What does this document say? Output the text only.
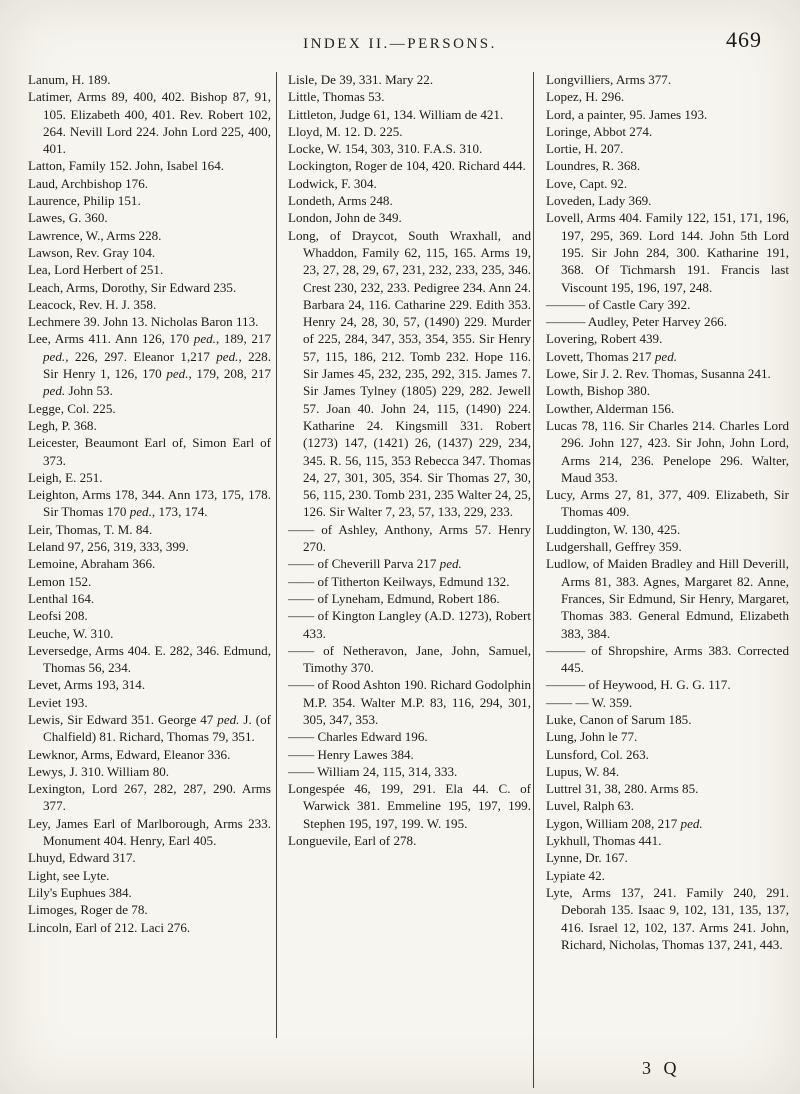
INDEX II.—PERSONS.	469
Lanum, H. 189.
Latimer, Arms 89, 400, 402. Bishop 87, 91, 105. Elizabeth 400, 401. Rev. Robert 102, 264. Nevill Lord 224. John Lord 225, 400, 401.
Latton, Family 152. John, Isabel 164.
Laud, Archbishop 176.
Laurence, Philip 151.
Lawes, G. 360.
Lawrence, W., Arms 228.
Lawson, Rev. Gray 104.
Lea, Lord Herbert of 251.
Leach, Arms, Dorothy, Sir Edward 235.
Leacock, Rev. H. J. 358.
Lechmere 39. John 13. Nicholas Baron 113.
Lee, Arms 411. Ann 126, 170 ped., 189, 217 ped., 226, 297. Eleanor 1,217 ped., 228. Sir Henry 1, 126, 170 ped., 179, 208, 217 ped. John 53.
Legge, Col. 225.
Legh, P. 368.
Leicester, Beaumont Earl of, Simon Earl of 373.
Leigh, E. 251.
Leighton, Arms 178, 344. Ann 173, 175, 178. Sir Thomas 170 ped., 173, 174.
Leir, Thomas, T. M. 84.
Leland 97, 256, 319, 333, 399.
Lemoine, Abraham 366.
Lemon 152.
Lenthal 164.
Leofsi 208.
Leuche, W. 310.
Leversedge, Arms 404. E. 282, 346. Edmund, Thomas 56, 234.
Levet, Arms 193, 314.
Leviet 193.
Lewis, Sir Edward 351. George 47 ped. J. (of Chalfield) 81. Richard, Thomas 79, 351.
Lewknor, Arms, Edward, Eleanor 336.
Lewys, J. 310. William 80.
Lexington, Lord 267, 282, 287, 290. Arms 377.
Ley, James Earl of Marlborough, Arms 233. Monument 404. Henry, Earl 405.
Lhuyd, Edward 317.
Light, see Lyte.
Lily's Euphues 384.
Limoges, Roger de 78.
Lincoln, Earl of 212. Laci 276.
Lisle, De 39, 331. Mary 22.
Little, Thomas 53.
Littleton, Judge 61, 134. William de 421.
Lloyd, M. 12. D. 225.
Locke, W. 154, 303, 310. F.A.S. 310.
Lockington, Roger de 104, 420. Richard 444.
Lodwick, F. 304.
Londeth, Arms 248.
London, John de 349.
Long, of Draycot, South Wraxhall, and Whaddon, Family 62, 115, 165. Arms 19, 23, 27, 28, 29, 67, 231, 232, 233, 235, 346. Crest 230, 232, 233. Pedigree 234. Ann 24. Barbara 24, 116. Catharine 229. Edith 353. Henry 24, 28, 30, 57, (1490) 229. Murder of 225, 284, 347, 353, 354, 355. Sir Henry 57, 115, 186, 212. Tomb 232. Hope 116. Sir James 45, 232, 235, 292, 315. James 7. Sir James Tylney (1805) 229, 282. Jewell 57. Joan 40. John 24, 115, (1490) 224. Katharine 24. Kingsmill 331. Robert (1273) 147, (1421) 26, (1437) 229, 234, 345. R. 56, 115, 353 Rebecca 347. Thomas 24, 27, 301, 305, 354. Sir Thomas 27, 30, 56, 115, 230. Tomb 231, 235 Walter 24, 25, 126. Sir Walter 7, 23, 57, 133, 229, 233.
—— of Ashley, Anthony, Arms 57. Henry 270.
—— of Cheverill Parva 217 ped.
—— of Titherton Keilways, Edmund 132.
—— of Lyneham, Edmund, Robert 186.
—— of Kington Langley (A.D. 1273), Robert 433.
—— of Netheravon, Jane, John, Samuel, Timothy 370.
—— of Rood Ashton 190. Richard Godolphin M.P. 354. Walter M.P. 83, 116, 294, 301, 305, 347, 353.
—— Charles Edward 196.
—— Henry Lawes 384.
—— William 24, 115, 314, 333.
Longespée 46, 199, 291. Ela 44. C. of Warwick 381. Emmeline 195, 197, 199. Stephen 195, 197, 199. W. 195.
Longuevile, Earl of 278.
Longvilliers, Arms 377.
Lopez, H. 296.
Lord, a painter, 95. James 193.
Loringe, Abbot 274.
Lortie, H. 207.
Loundres, R. 368.
Love, Capt. 92.
Loveden, Lady 369.
Lovell, Arms 404. Family 122, 151, 171, 196, 197, 295, 369. Lord 144. John 5th Lord 195. Sir John 284, 300. Katharine 191, 368. Of Tichmarsh 191. Francis last Viscount 195, 196, 197, 248.
——— of Castle Cary 392.
——— Audley, Peter Harvey 266.
Lovering, Robert 439.
Lovett, Thomas 217 ped.
Lowe, Sir J. 2. Rev. Thomas, Susanna 241.
Lowth, Bishop 380.
Lowther, Alderman 156.
Lucas 78, 116. Sir Charles 214. Charles Lord 296. John 127, 423. Sir John, John Lord, Arms 214, 236. Penelope 296. Walter, Maud 353.
Lucy, Arms 27, 81, 377, 409. Elizabeth, Sir Thomas 409.
Luddington, W. 130, 425.
Ludgershall, Geffrey 359.
Ludlow, of Maiden Bradley and Hill Deverill, Arms 81, 383. Agnes, Margaret 82. Anne, Frances, Sir Edmund, Sir Henry, Margaret, Thomas 383. General Edmund, Elizabeth 383, 384.
——— of Shropshire, Arms 383. Corrected 445.
——— of Heywood, H. G. G. 117.
—— — W. 359.
Luke, Canon of Sarum 185.
Lung, John le 77.
Lunsford, Col. 263.
Lupus, W. 84.
Luttrel 31, 38, 280. Arms 85.
Luvel, Ralph 63.
Lygon, William 208, 217 ped.
Lykhull, Thomas 441.
Lynne, Dr. 167.
Lypiate 42.
Lyte, Arms 137, 241. Family 240, 291. Deborah 135. Isaac 9, 102, 131, 135, 137, 416. Israel 12, 102, 137. Arms 241. John, Richard, Nicholas, Thomas 137, 241, 443.
3 Q
